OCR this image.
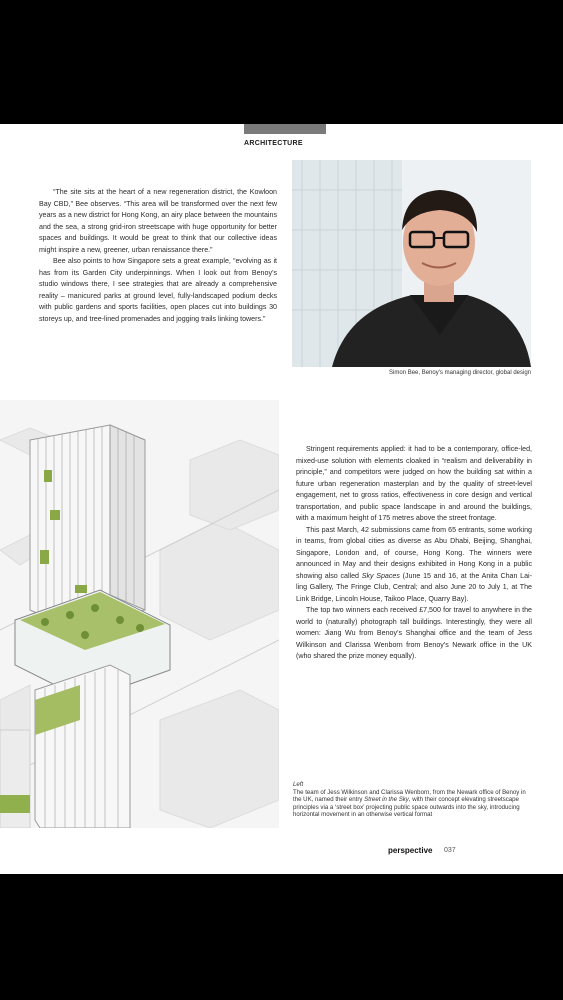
ARCHITECTURE

“The site sits at the heart of a new regeneration district, the Kowloon Bay CBD,” Bee observes. “This area will be transformed over the next few years as a new district for Hong Kong, an airy place between the mountains and the sea, a strong grid-iron streetscape with huge opportunity for better spaces and buildings. It would be great to think that our collective ideas might inspire a new, greener, urban renaissance there.”

Bee also points to how Singapore sets a great example, “evolving as it has from its Garden City underpinnings. When I look out from Benoy’s studio windows there, I see strategies that are already a comprehensive reality – manicured parks at ground level, fully-landscaped podium decks with public gardens and sports facilities, open places cut into buildings 30 storeys up, and tree-lined promenades and jogging trails linking towers.”

Simon Bee, Benoy’s managing director, global design

Stringent requirements applied: it had to be a contemporary, office-led, mixed-use solution with elements cloaked in “realism and deliverability in principle,” and competitors were judged on how the building sat within a future urban regeneration masterplan and by the quality of street-level engagement, net to gross ratios, effectiveness in core design and vertical transportation, and public space landscape in and around the buildings, with a maximum height of 175 metres above the street frontage.

This past March, 42 submissions came from 65 entrants, some working in teams, from global cities as diverse as Abu Dhabi, Beijing, Shanghai, Singapore, London and, of course, Hong Kong. The winners were announced in May and their designs exhibited in Hong Kong in a public showing also called Sky Spaces (June 15 and 16, at the Anita Chan Lai-ling Gallery, The Fringe Club, Central; and also June 20 to July 1, at The Link Bridge, Lincoln House, Taikoo Place, Quarry Bay).

The top two winners each received £7,500 for travel to anywhere in the world to (naturally) photograph tall buildings. Interestingly, they were all women: Jiang Wu from Benoy’s Shanghai office and the team of Jess Wilkinson and Clarissa Wenborn from Benoy’s Newark office in the UK (who shared the prize money equally).

Left
The team of Jess Wilkinson and Clarissa Wenborn, from the Newark office of Benoy in the UK, named their entry Street in the Sky, with their concept elevating streetscape principles via a ‘street box’ projecting public space outwards into the sky, introducing horizontal movement in an otherwise vertical format
perspective 037
